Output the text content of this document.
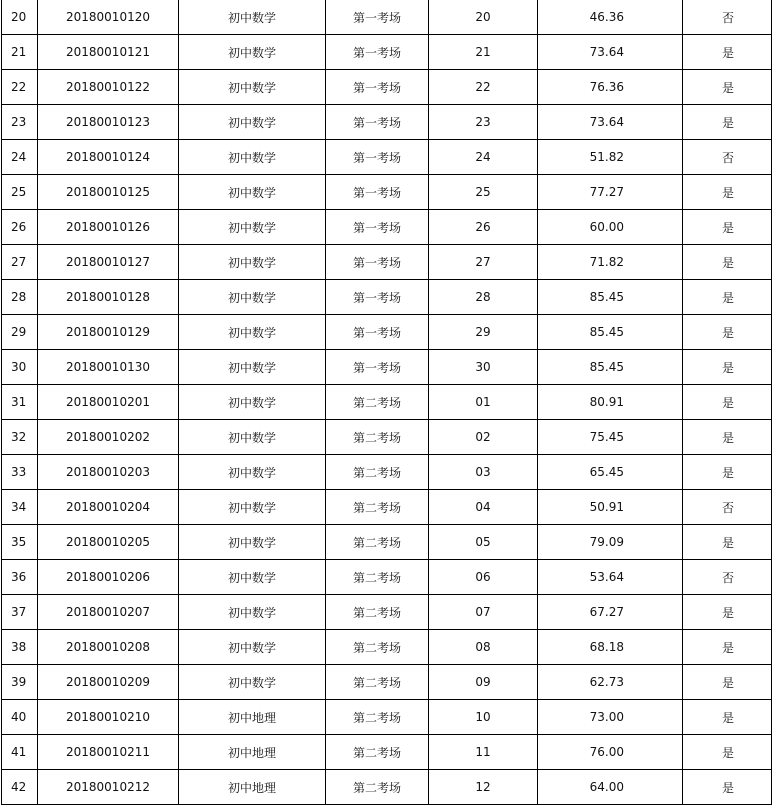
20	20180010120	初中数学	第一考场	20	46.36	否
21	20180010121	初中数学	第一考场	21	73.64	是
22	20180010122	初中数学	第一考场	22	76.36	是
23	20180010123	初中数学	第一考场	23	73.64	是
24	20180010124	初中数学	第一考场	24	51.82	否
25	20180010125	初中数学	第一考场	25	77.27	是
26	20180010126	初中数学	第一考场	26	60.00	是
27	20180010127	初中数学	第一考场	27	71.82	是
28	20180010128	初中数学	第一考场	28	85.45	是
29	20180010129	初中数学	第一考场	29	85.45	是
30	20180010130	初中数学	第一考场	30	85.45	是
31	20180010201	初中数学	第二考场	01	80.91	是
32	20180010202	初中数学	第二考场	02	75.45	是
33	20180010203	初中数学	第二考场	03	65.45	是
34	20180010204	初中数学	第二考场	04	50.91	否
35	20180010205	初中数学	第二考场	05	79.09	是
36	20180010206	初中数学	第二考场	06	53.64	否
37	20180010207	初中数学	第二考场	07	67.27	是
38	20180010208	初中数学	第二考场	08	68.18	是
39	20180010209	初中数学	第二考场	09	62.73	是
40	20180010210	初中地理	第二考场	10	73.00	是
41	20180010211	初中地理	第二考场	11	76.00	是
42	20180010212	初中地理	第二考场	12	64.00	是
